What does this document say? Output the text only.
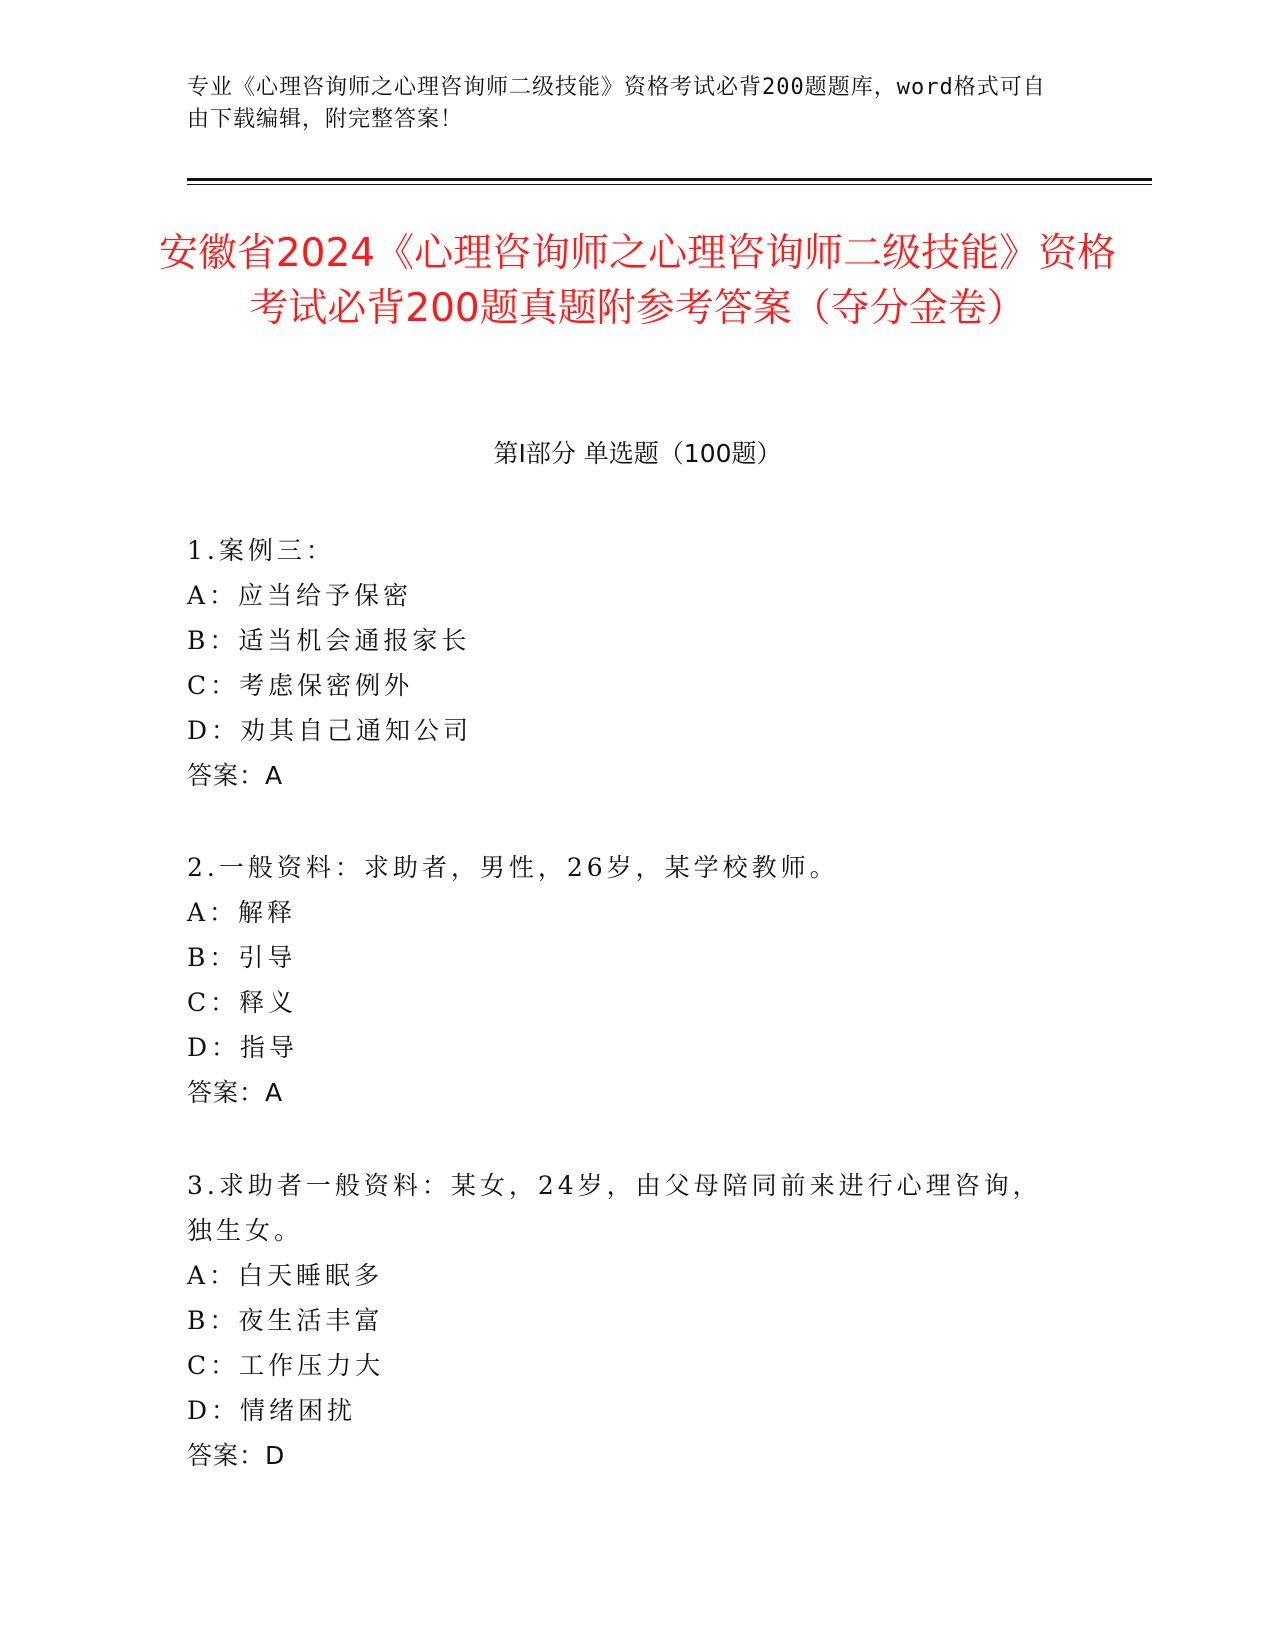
专业《心理咨询师之心理咨询师二级技能》资格考试必背200题题库，word格式可自由下载编辑，附完整答案！
安徽省2024《心理咨询师之心理咨询师二级技能》资格考试必背200题真题附参考答案（夺分金卷）
第I部分 单选题（100题）

1.案例三：

A：应当给予保密

B：适当机会通报家长

C：考虑保密例外

D：劝其自己通知公司

答案：A

2.一般资料：求助者，男性，26岁，某学校教师。

A：解释

B：引导

C：释义

D：指导

答案：A

3.求助者一般资料：某女，24岁，由父母陪同前来进行心理咨询，独生女。

A：白天睡眠多

B：夜生活丰富

C：工作压力大

D：情绪困扰

答案：D
